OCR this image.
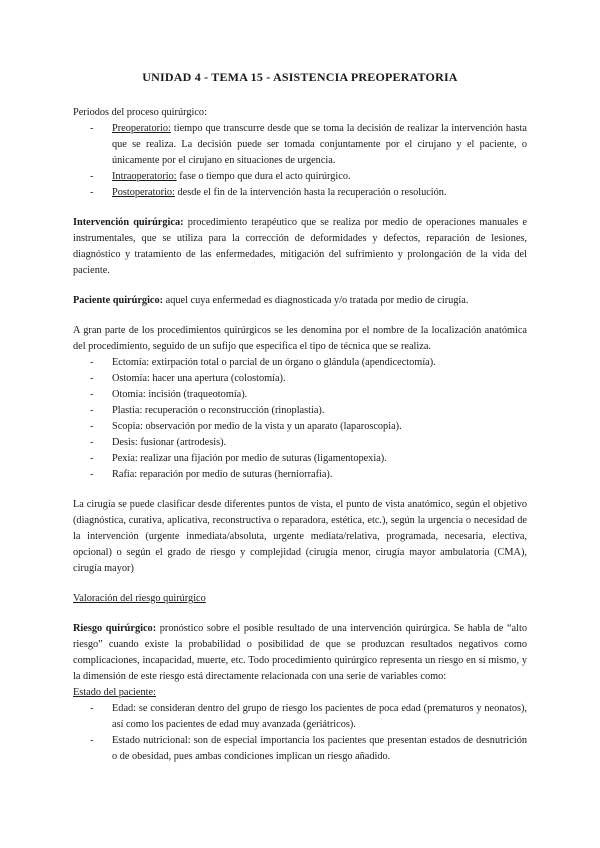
UNIDAD 4 - TEMA 15 - ASISTENCIA PREOPERATORIA

Periodos del proceso quirúrgico:

- Preoperatorio: tiempo que transcurre desde que se toma la decisión de realizar la intervención hasta que se realiza. La decisión puede ser tomada conjuntamente por el cirujano y el paciente, o únicamente por el cirujano en situaciones de urgencia.
- Intraoperatorio: fase o tiempo que dura el acto quirúrgico.
- Postoperatorio: desde el fin de la intervención hasta la recuperación o resolución.

Intervención quirúrgica: procedimiento terapéutico que se realiza por medio de operaciones manuales e instrumentales, que se utiliza para la corrección de deformidades y defectos, reparación de lesiones, diagnóstico y tratamiento de las enfermedades, mitigación del sufrimiento y prolongación de la vida del paciente.

Paciente quirúrgico: aquel cuya enfermedad es diagnosticada y/o tratada por medio de cirugía.

A gran parte de los procedimientos quirúrgicos se les denomina por el nombre de la localización anatómica del procedimiento, seguido de un sufijo que especifica el tipo de técnica que se realiza.

- Ectomía: extirpación total o parcial de un órgano o glándula (apendicectomía).
- Ostomía: hacer una apertura (colostomía).
- Otomía: incisión (traqueotomía).
- Plastia: recuperación o reconstrucción (rinoplastia).
- Scopia: observación por medio de la vista y un aparato (laparoscopia).
- Desis: fusionar (artrodesis).
- Pexia: realizar una fijación por medio de suturas (ligamentopexia).
- Rafia: reparación por medio de suturas (herniorrafia).

La cirugía se puede clasificar desde diferentes puntos de vista, el punto de vista anatómico, según el objetivo (diagnóstica, curativa, aplicativa, reconstructiva o reparadora, estética, etc.), según la urgencia o necesidad de la intervención (urgente inmediata/absoluta, urgente mediata/relativa, programada, necesaria, electiva, opcional) o según el grado de riesgo y complejidad (cirugía menor, cirugía mayor ambulatoria (CMA), cirugía mayor)

Valoración del riesgo quirúrgico

Riesgo quirúrgico: pronóstico sobre el posible resultado de una intervención quirúrgica. Se habla de “alto riesgo” cuando existe la probabilidad o posibilidad de que se produzcan resultados negativos como complicaciones, incapacidad, muerte, etc. Todo procedimiento quirúrgico representa un riesgo en sí mismo, y la dimensión de este riesgo está directamente relacionada con una serie de variables como:

Estado del paciente:

- Edad: se consideran dentro del grupo de riesgo los pacientes de poca edad (prematuros y neonatos), así como los pacientes de edad muy avanzada (geriátricos).
- Estado nutricional: son de especial importancia los pacientes que presentan estados de desnutrición o de obesidad, pues ambas condiciones implican un riesgo añadido.
